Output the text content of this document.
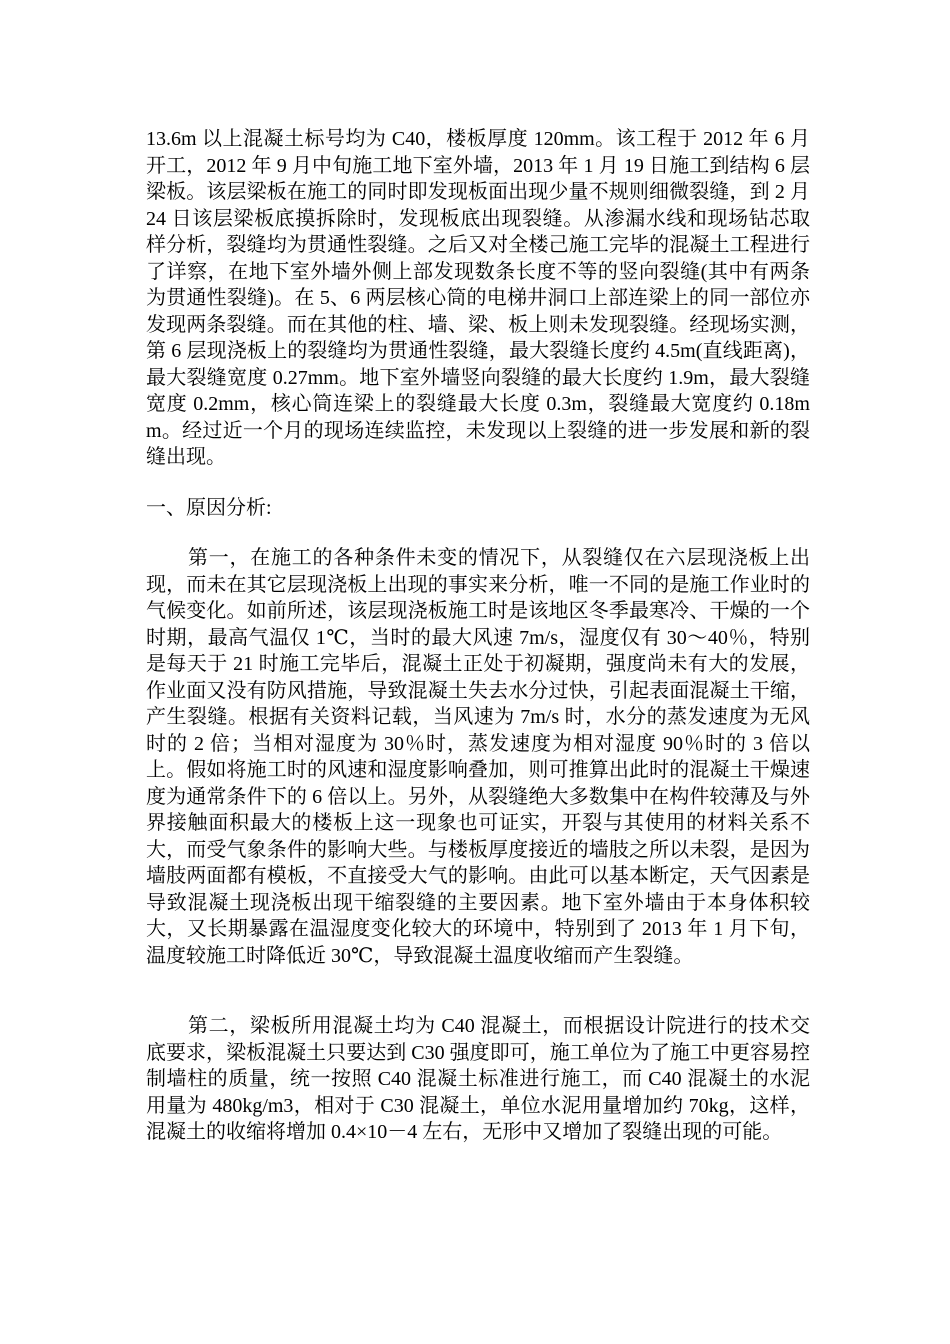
13.6m 以上混凝土标号均为 C40，楼板厚度 120mm。该工程于 2012 年 6 月开工，2012 年 9 月中旬施工地下室外墙，2013 年 1 月 19 日施工到结构 6 层梁板。该层梁板在施工的同时即发现板面出现少量不规则细微裂缝，到 2 月 24 日该层梁板底摸拆除时，发现板底出现裂缝。从渗漏水线和现场钻芯取样分析，裂缝均为贯通性裂缝。之后又对全楼己施工完毕的混凝土工程进行了详察，在地下室外墙外侧上部发现数条长度不等的竖向裂缝(其中有两条为贯通性裂缝)。在 5、6 两层核心筒的电梯井洞口上部连梁上的同一部位亦发现两条裂缝。而在其他的柱、墙、梁、板上则未发现裂缝。经现场实测，第 6 层现浇板上的裂缝均为贯通性裂缝，最大裂缝长度约 4.5m(直线距离)，最大裂缝宽度 0.27mm。地下室外墙竖向裂缝的最大长度约 1.9m，最大裂缝宽度 0.2mm，核心筒连梁上的裂缝最大长度 0.3m，裂缝最大宽度约 0.18mm。经过近一个月的现场连续监控，未发现以上裂缝的进一步发展和新的裂缝出现。
一、原因分析:
第一，在施工的各种条件未变的情况下，从裂缝仅在六层现浇板上出现，而未在其它层现浇板上出现的事实来分析，唯一不同的是施工作业时的气候变化。如前所述，该层现浇板施工时是该地区冬季最寒冷、干燥的一个时期，最高气温仅 1℃，当时的最大风速 7m/s，湿度仅有 30～40％，特别是每天于 21 时施工完毕后，混凝土正处于初凝期，强度尚未有大的发展，作业面又没有防风措施，导致混凝土失去水分过快，引起表面混凝土干缩，产生裂缝。根据有关资料记载，当风速为 7m/s 时，水分的蒸发速度为无风时的 2 倍；当相对湿度为 30％时，蒸发速度为相对湿度 90％时的 3 倍以上。假如将施工时的风速和湿度影响叠加，则可推算出此时的混凝土干燥速度为通常条件下的 6 倍以上。另外，从裂缝绝大多数集中在构件较薄及与外界接触面积最大的楼板上这一现象也可证实，开裂与其使用的材料关系不大，而受气象条件的影响大些。与楼板厚度接近的墙肢之所以未裂，是因为墙肢两面都有模板，不直接受大气的影响。由此可以基本断定，天气因素是导致混凝土现浇板出现干缩裂缝的主要因素。地下室外墙由于本身体积较大，又长期暴露在温湿度变化较大的环境中，特别到了 2013 年 1 月下旬，温度较施工时降低近 30℃，导致混凝土温度收缩而产生裂缝。
第二，梁板所用混凝土均为 C40 混凝土，而根据设计院进行的技术交底要求，梁板混凝土只要达到 C30 强度即可，施工单位为了施工中更容易控制墙柱的质量，统一按照 C40 混凝土标准进行施工，而 C40 混凝土的水泥用量为 480kg/m3，相对于 C30 混凝土，单位水泥用量增加约 70kg，这样，混凝土的收缩将增加 0.4×10－4 左右，无形中又增加了裂缝出现的可能。
